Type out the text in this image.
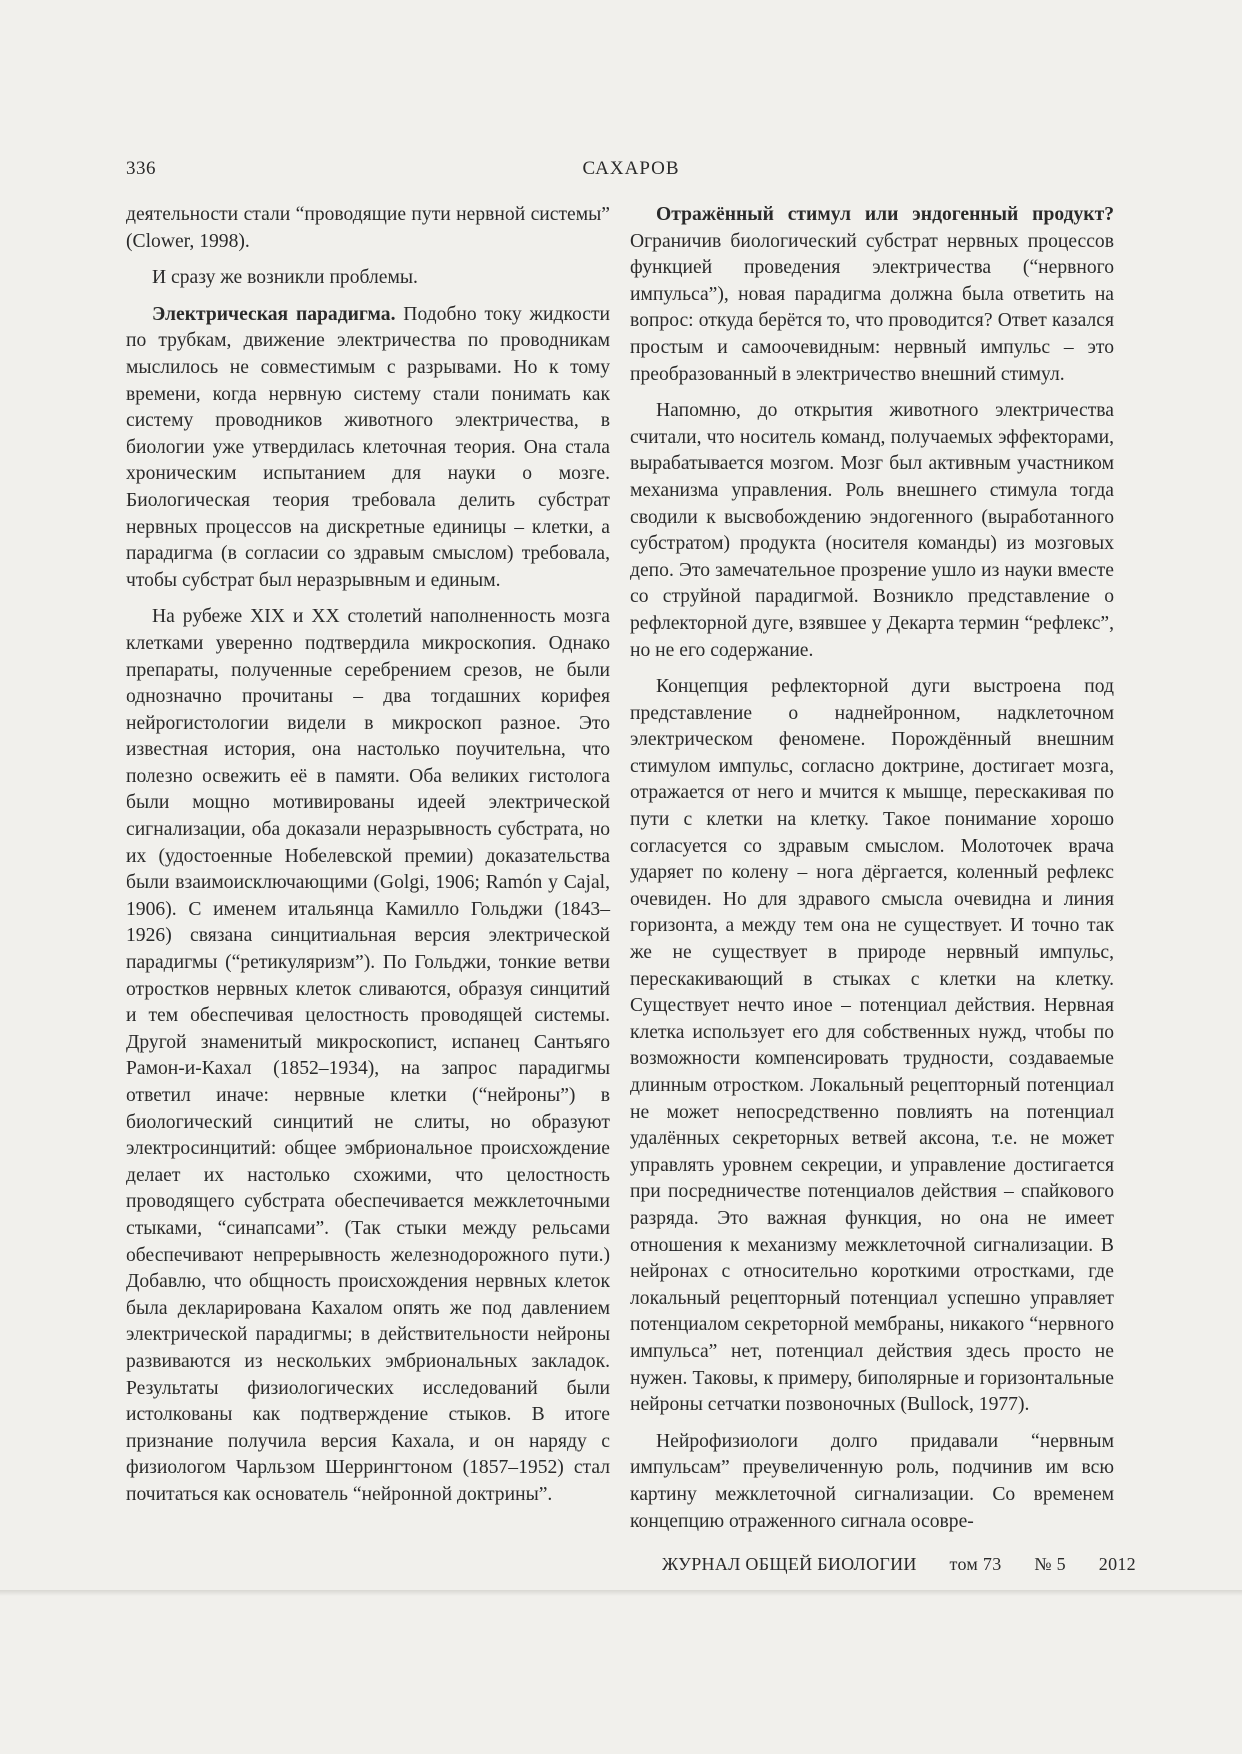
336	САХАРОВ

деятельности стали “проводящие пути нервной системы” (Clower, 1998).

И сразу же возникли проблемы.

Электрическая парадигма. Подобно току жидкости по трубкам, движение электричества по проводникам мыслилось не совместимым с разрывами. Но к тому времени, когда нервную систему стали понимать как систему проводников животного электричества, в биологии уже утвердилась клеточная теория. Она стала хроническим испытанием для науки о мозге. Биологическая теория требовала делить субстрат нервных процессов на дискретные единицы – клетки, а парадигма (в согласии со здравым смыслом) требовала, чтобы субстрат был неразрывным и единым.

На рубеже XIX и XX столетий наполненность мозга клетками уверенно подтвердила микроскопия. Однако препараты, полученные серебрением срезов, не были однозначно прочитаны – два тогдашних корифея нейрогистологии видели в микроскоп разное. Это известная история, она настолько поучительна, что полезно освежить её в памяти. Оба великих гистолога были мощно мотивированы идеей электрической сигнализации, оба доказали неразрывность субстрата, но их (удостоенные Нобелевской премии) доказательства были взаимоисключающими (Golgi, 1906; Ramón y Cajal, 1906). С именем итальянца Камилло Гольджи (1843–1926) связана синцитиальная версия электрической парадигмы (“ретикуляризм”). По Гольджи, тонкие ветви отростков нервных клеток сливаются, образуя синцитий и тем обеспечивая целостность проводящей системы. Другой знаменитый микроскопист, испанец Сантьяго Рамон-и-Кахал (1852–1934), на запрос парадигмы ответил иначе: нервные клетки (“нейроны”) в биологический синцитий не слиты, но образуют электросинцитий: общее эмбриональное происхождение делает их настолько схожими, что целостность проводящего субстрата обеспечивается межклеточными стыками, “синапсами”. (Так стыки между рельсами обеспечивают непрерывность железнодорожного пути.) Добавлю, что общность происхождения нервных клеток была декларирована Кахалом опять же под давлением электрической парадигмы; в действительности нейроны развиваются из нескольких эмбриональных закладок. Результаты физиологических исследований были истолкованы как подтверждение стыков. В итоге признание получила версия Кахала, и он наряду с физиологом Чарльзом Шеррингтоном (1857–1952) стал почитаться как основатель “нейронной доктрины”.

Отражённый стимул или эндогенный продукт? Ограничив биологический субстрат нервных процессов функцией проведения электричества (“нервного импульса”), новая парадигма должна была ответить на вопрос: откуда берётся то, что проводится? Ответ казался простым и самоочевидным: нервный импульс – это преобразованный в электричество внешний стимул.

Напомню, до открытия животного электричества считали, что носитель команд, получаемых эффекторами, вырабатывается мозгом. Мозг был активным участником механизма управления. Роль внешнего стимула тогда сводили к высвобождению эндогенного (выработанного субстратом) продукта (носителя команды) из мозговых депо. Это замечательное прозрение ушло из науки вместе со струйной парадигмой. Возникло представление о рефлекторной дуге, взявшее у Декарта термин “рефлекс”, но не его содержание.

Концепция рефлекторной дуги выстроена под представление о наднейронном, надклеточном электрическом феномене. Порождённый внешним стимулом импульс, согласно доктрине, достигает мозга, отражается от него и мчится к мышце, перескакивая по пути с клетки на клетку. Такое понимание хорошо согласуется со здравым смыслом. Молоточек врача ударяет по колену – нога дёргается, коленный рефлекс очевиден. Но для здравого смысла очевидна и линия горизонта, а между тем она не существует. И точно так же не существует в природе нервный импульс, перескакивающий в стыках с клетки на клетку. Существует нечто иное – потенциал действия. Нервная клетка использует его для собственных нужд, чтобы по возможности компенсировать трудности, создаваемые длинным отростком. Локальный рецепторный потенциал не может непосредственно повлиять на потенциал удалённых секреторных ветвей аксона, т.е. не может управлять уровнем секреции, и управление достигается при посредничестве потенциалов действия – спайкового разряда. Это важная функция, но она не имеет отношения к механизму межклеточной сигнализации. В нейронах с относительно короткими отростками, где локальный рецепторный потенциал успешно управляет потенциалом секреторной мембраны, никакого “нервного импульса” нет, потенциал действия здесь просто не нужен. Таковы, к примеру, биполярные и горизонтальные нейроны сетчатки позвоночных (Bullock, 1977).

Нейрофизиологи долго придавали “нервным импульсам” преувеличенную роль, подчинив им всю картину межклеточной сигнализации. Со временем концепцию отраженного сигнала осовре-

ЖУРНАЛ ОБЩЕЙ БИОЛОГИИ том 73 № 5 2012
